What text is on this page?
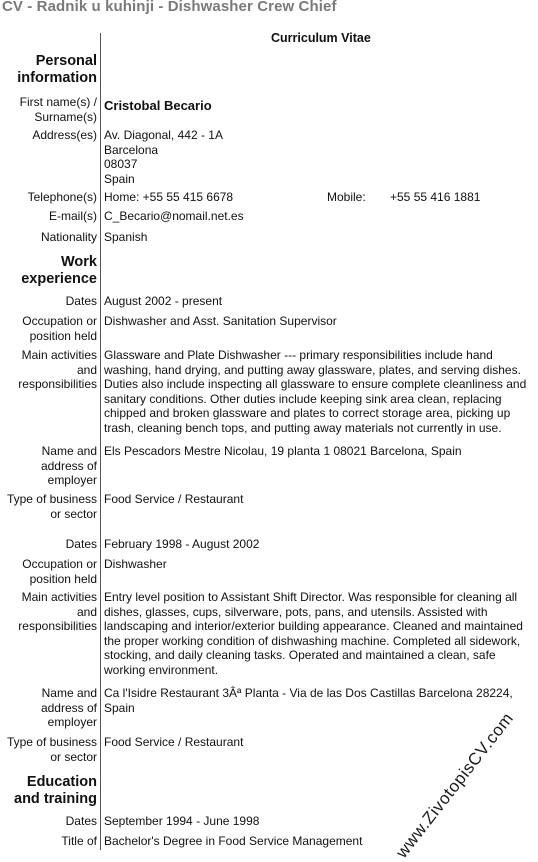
CV - Radnik u kuhinji - Dishwasher Crew Chief
Curriculum Vitae
Personal
information
First name(s) /
Surname(s)
Cristobal Becario
Address(es) Av. Diagonal, 442 - 1A
Barcelona
08037
Spain
Telephone(s) Home: +55 55 415 6678	Mobile: +55 55 416 1881
E-mail(s) C_Becario@nomail.net.es
Nationality Spanish
Work
experience
Dates August 2002 - present
Occupation or
position held
Dishwasher and Asst. Sanitation Supervisor
Main activities
and
responsibilities
Glassware and Plate Dishwasher --- primary responsibilities include hand
washing, hand drying, and putting away glassware, plates, and serving dishes.
Duties also include inspecting all glassware to ensure complete cleanliness and
sanitary conditions. Other duties include keeping sink area clean, replacing
chipped and broken glassware and plates to correct storage area, picking up
trash, cleaning bench tops, and putting away materials not currently in use.
Name and
address of
employer
Els Pescadors Mestre Nicolau, 19 planta 1 08021 Barcelona, Spain
Type of business
or sector
Food Service / Restaurant
Dates February 1998 - August 2002
Occupation or
position held
Dishwasher
Main activities
and
responsibilities
Entry level position to Assistant Shift Director. Was responsible for cleaning all
dishes, glasses, cups, silverware, pots, pans, and utensils. Assisted with
landscaping and interior/exterior building appearance. Cleaned and maintained
the proper working condition of dishwashing machine. Completed all sidework,
stocking, and daily cleaning tasks. Operated and maintained a clean, safe
working environment.
Name and
address of
employer
Ca l'Isidre Restaurant 3Âª Planta - Via de las Dos Castillas Barcelona 28224,
Spain
Type of business
or sector
Food Service / Restaurant
Education
and training
Dates September 1994 - June 1998
Title of Bachelor's Degree in Food Service Management	www.ZivotopisCV.com
